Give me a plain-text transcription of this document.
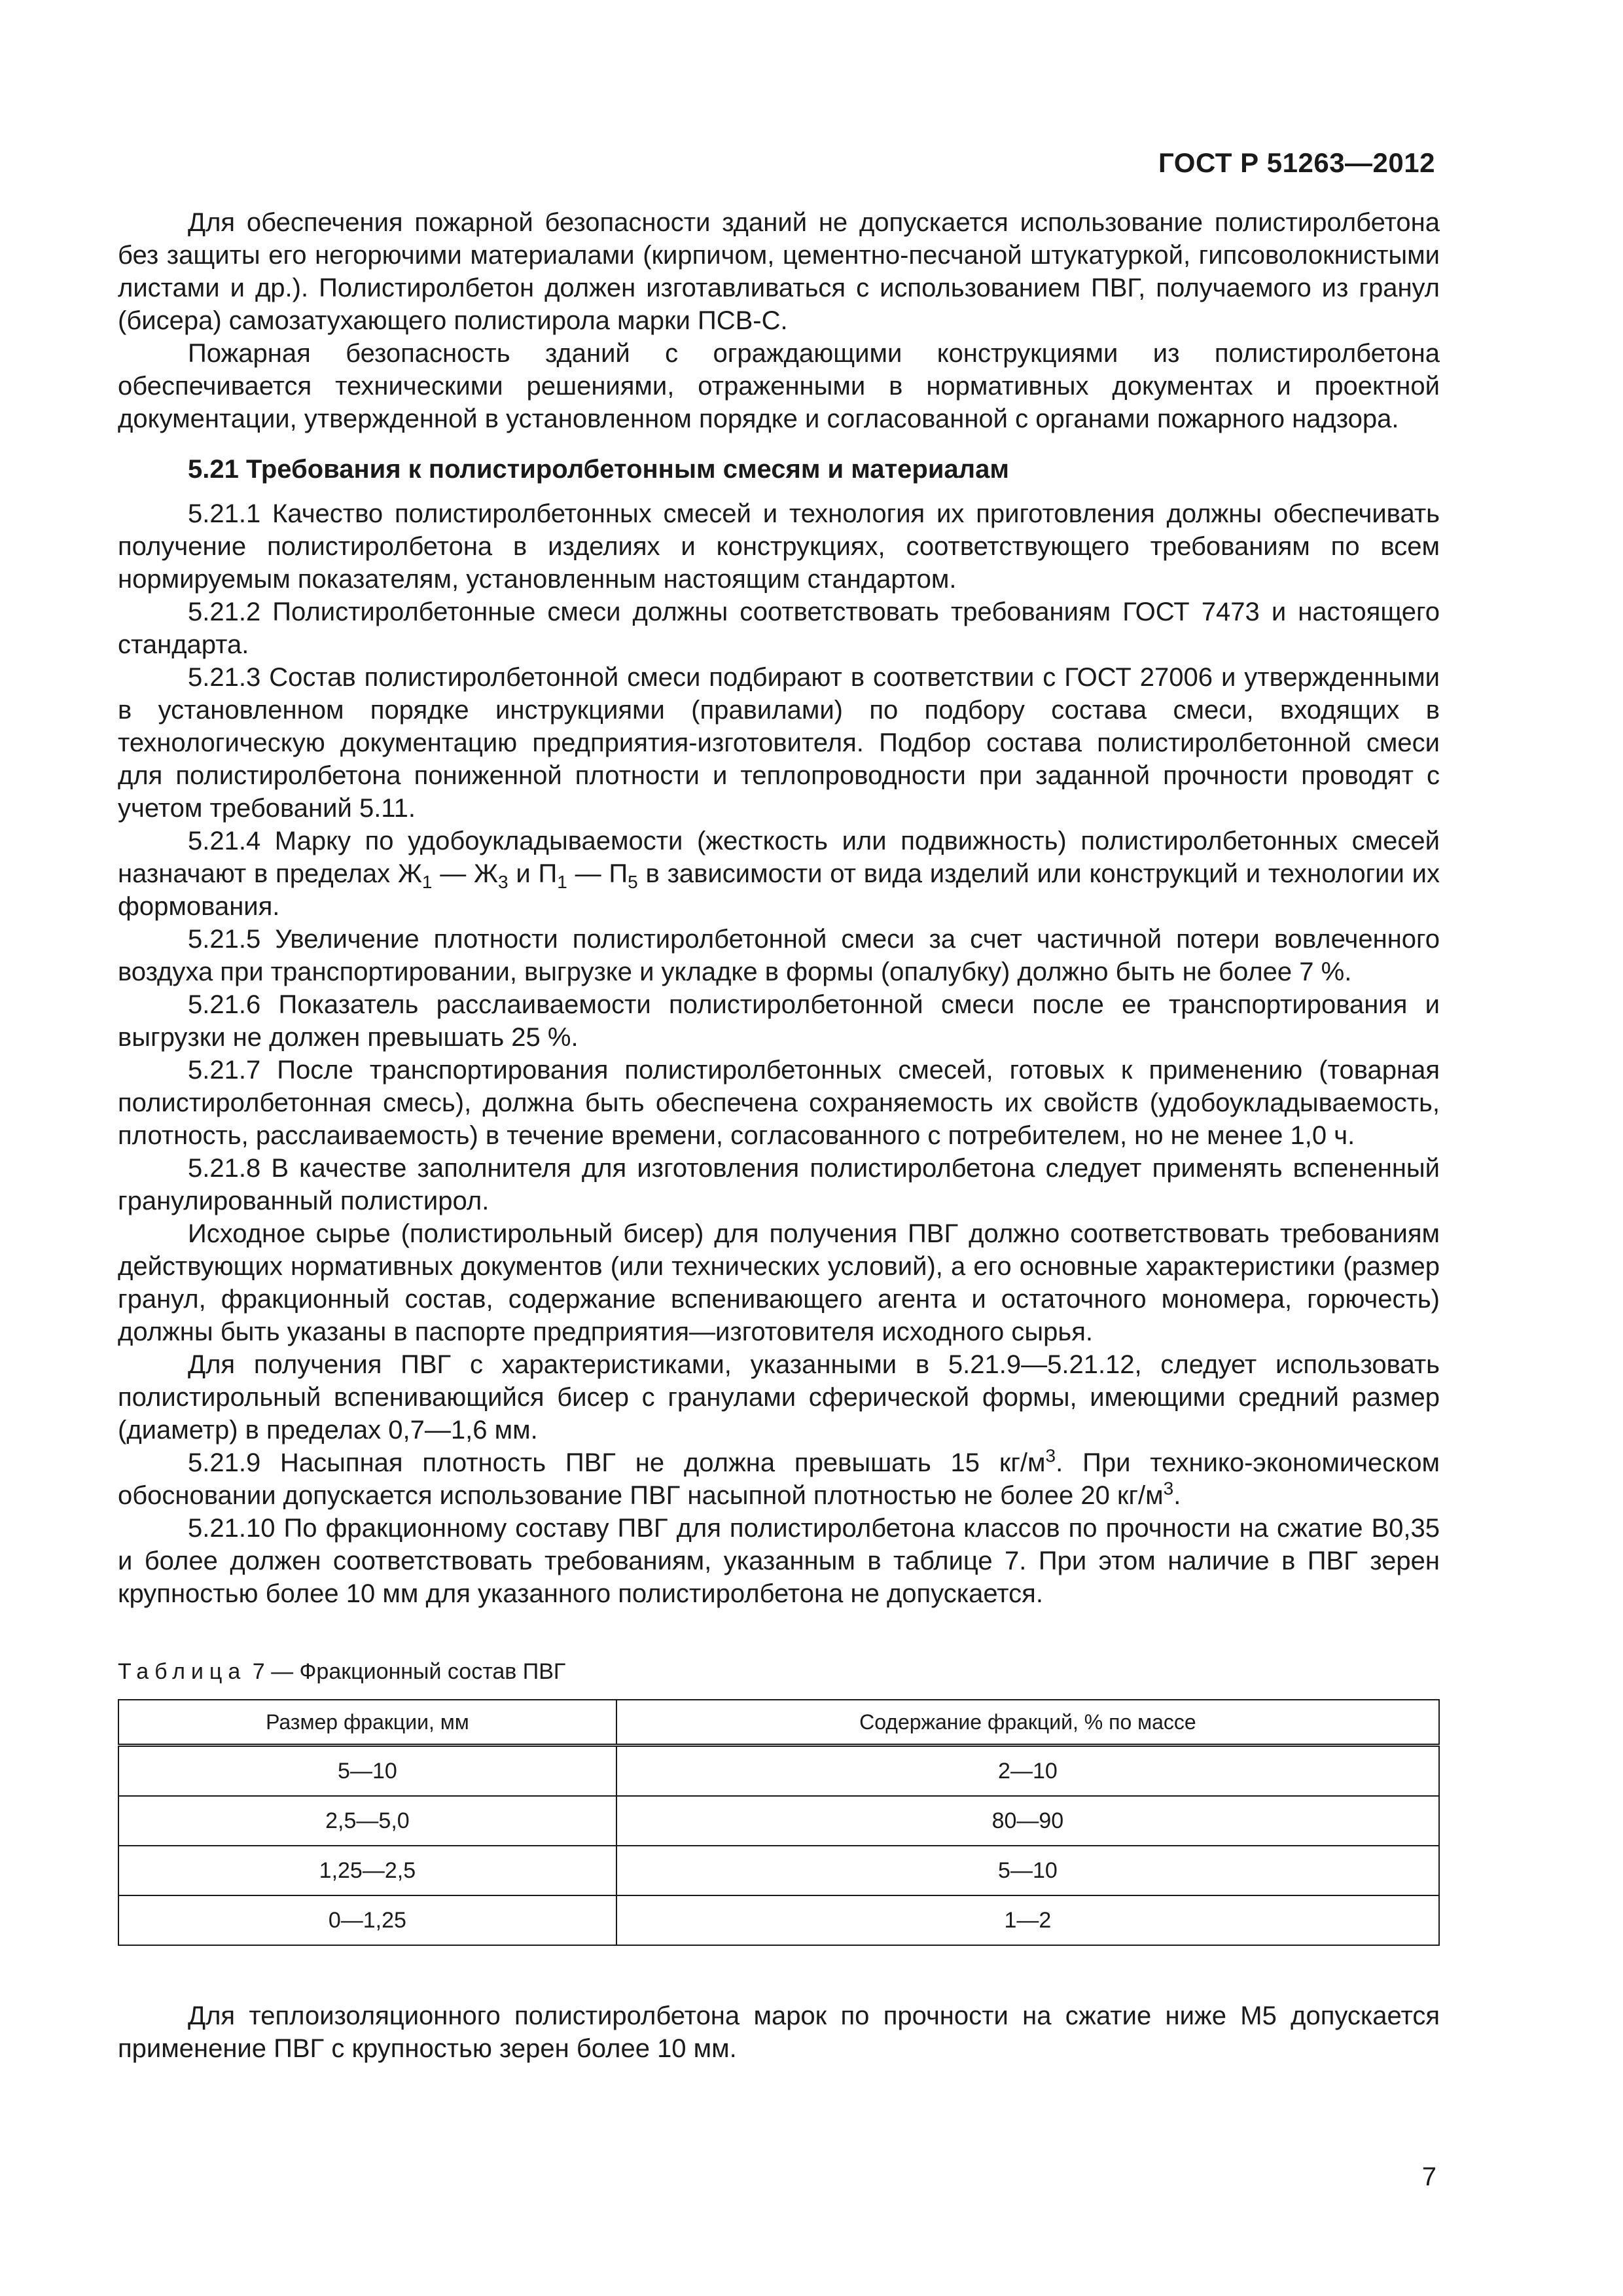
ГОСТ Р 51263—2012

Для обеспечения пожарной безопасности зданий не допускается использование полистиролбетона без защиты его негорючими материалами (кирпичом, цементно-песчаной штукатуркой, гипсоволокнистыми листами и др.). Полистиролбетон должен изготавливаться с использованием ПВГ, получаемого из гранул (бисера) самозатухающего полистирола марки ПСВ-С.

Пожарная безопасность зданий с ограждающими конструкциями из полистиролбетона обеспечивается техническими решениями, отраженными в нормативных документах и проектной документации, утвержденной в установленном порядке и согласованной с органами пожарного надзора.

5.21 Требования к полистиролбетонным смесям и материалам

5.21.1 Качество полистиролбетонных смесей и технология их приготовления должны обеспечивать получение полистиролбетона в изделиях и конструкциях, соответствующего требованиям по всем нормируемым показателям, установленным настоящим стандартом.

5.21.2 Полистиролбетонные смеси должны соответствовать требованиям ГОСТ 7473 и настоящего стандарта.

5.21.3 Состав полистиролбетонной смеси подбирают в соответствии с ГОСТ 27006 и утвержденными в установленном порядке инструкциями (правилами) по подбору состава смеси, входящих в технологическую документацию предприятия-изготовителя. Подбор состава полистиролбетонной смеси для полистиролбетона пониженной плотности и теплопроводности при заданной прочности проводят с учетом требований 5.11.

5.21.4 Марку по удобоукладываемости (жесткость или подвижность) полистиролбетонных смесей назначают в пределах $Ж_1$ — $Ж_3$ и $П_1$ — $П_5$ в зависимости от вида изделий или конструкций и технологии их формования.

5.21.5 Увеличение плотности полистиролбетонной смеси за счет частичной потери вовлеченного воздуха при транспортировании, выгрузке и укладке в формы (опалубку) должно быть не более 7 %.

5.21.6 Показатель расслаиваемости полистиролбетонной смеси после ее транспортирования и выгрузки не должен превышать 25 %.

5.21.7 После транспортирования полистиролбетонных смесей, готовых к применению (товарная полистиролбетонная смесь), должна быть обеспечена сохраняемость их свойств (удобоукладываемость, плотность, расслаиваемость) в течение времени, согласованного с потребителем, но не менее 1,0 ч.

5.21.8 В качестве заполнителя для изготовления полистиролбетона следует применять вспененный гранулированный полистирол.

Исходное сырье (полистирольный бисер) для получения ПВГ должно соответствовать требованиям действующих нормативных документов (или технических условий), а его основные характеристики (размер гранул, фракционный состав, содержание вспенивающего агента и остаточного мономера, горючесть) должны быть указаны в паспорте предприятия—изготовителя исходного сырья.

Для получения ПВГ с характеристиками, указанными в 5.21.9—5.21.12, следует использовать полистирольный вспенивающийся бисер с гранулами сферической формы, имеющими средний размер (диаметр) в пределах 0,7—1,6 мм.

5.21.9 Насыпная плотность ПВГ не должна превышать 15 $кг/м^3$. При технико-экономическом обосновании допускается использование ПВГ насыпной плотностью не более 20 $кг/м^3$.

5.21.10 По фракционному составу ПВГ для полистиролбетона классов по прочности на сжатие В0,35 и более должен соответствовать требованиям, указанным в таблице 7. При этом наличие в ПВГ зерен крупностью более 10 мм для указанного полистиролбетона не допускается.

Таблица 7 — Фракционный состав ПВГ
Размер фракции, мм	Содержание фракций, % по массе
5—10	2—10
2,5—5,0	80—90
1,25—2,5	5—10
0—1,25	1—2

Для теплоизоляционного полистиролбетона марок по прочности на сжатие ниже М5 допускается применение ПВГ с крупностью зерен более 10 мм.

7
